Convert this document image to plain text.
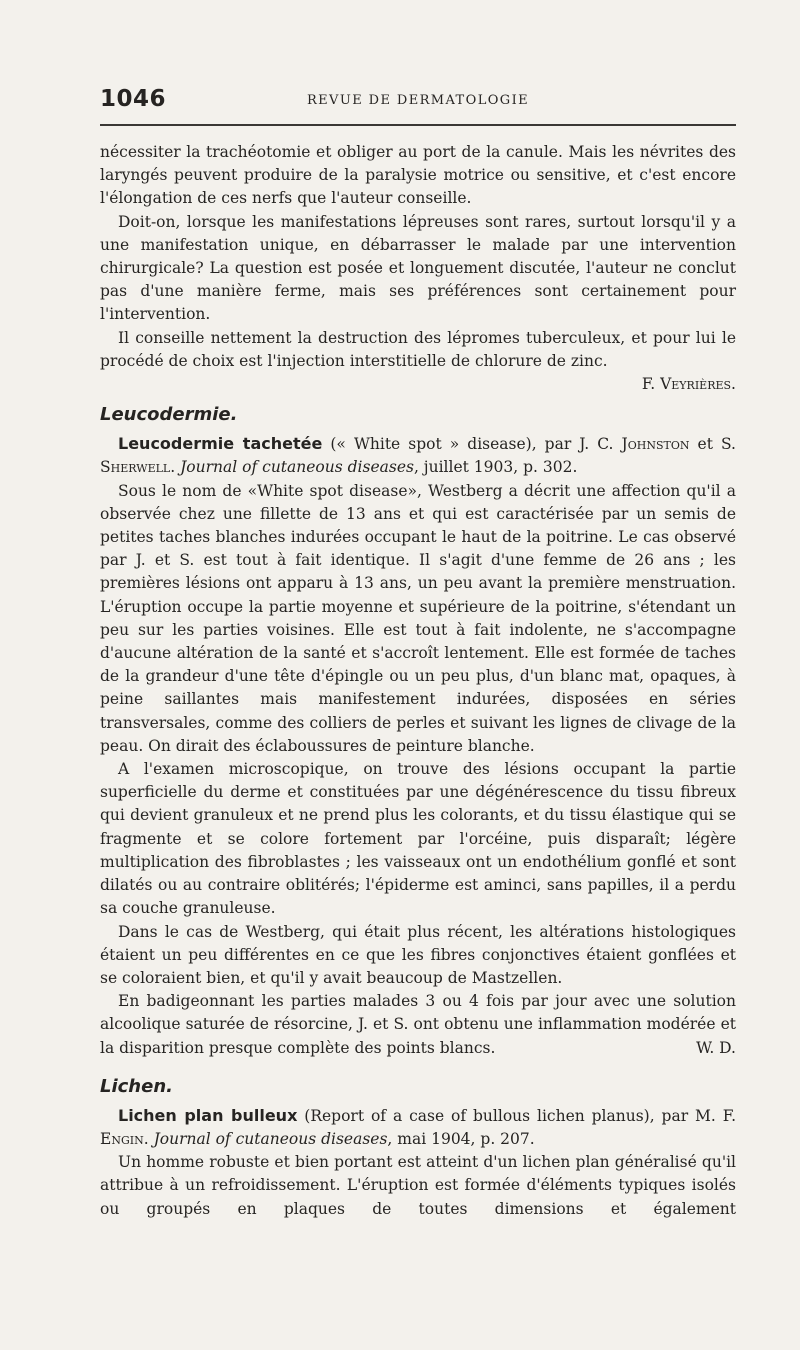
1046	REVUE DE DERMATOLOGIE

nécessiter la trachéotomie et obliger au port de la canule. Mais les névrites des laryngés peuvent produire de la paralysie motrice ou sensitive, et c'est encore l'élongation de ces nerfs que l'auteur conseille.

Doit-on, lorsque les manifestations lépreuses sont rares, surtout lorsqu'il y a une manifestation unique, en débarrasser le malade par une intervention chirurgicale? La question est posée et longuement discutée, l'auteur ne conclut pas d'une manière ferme, mais ses préférences sont certainement pour l'intervention.

Il conseille nettement la destruction des lépromes tuberculeux, et pour lui le procédé de choix est l'injection interstitielle de chlorure de zinc.

F. Veyrières.

Leucodermie.

Leucodermie tachetée (« White spot » disease), par J. C. Johnston et S. Sherwell. Journal of cutaneous diseases, juillet 1903, p. 302.

Sous le nom de «White spot disease», Westberg a décrit une affection qu'il a observée chez une fillette de 13 ans et qui est caractérisée par un semis de petites taches blanches indurées occupant le haut de la poitrine. Le cas observé par J. et S. est tout à fait identique. Il s'agit d'une femme de 26 ans ; les premières lésions ont apparu à 13 ans, un peu avant la première menstruation. L'éruption occupe la partie moyenne et supérieure de la poitrine, s'étendant un peu sur les parties voisines. Elle est tout à fait indolente, ne s'accompagne d'aucune altération de la santé et s'accroît lentement. Elle est formée de taches de la grandeur d'une tête d'épingle ou un peu plus, d'un blanc mat, opaques, à peine saillantes mais manifestement indurées, disposées en séries transversales, comme des colliers de perles et suivant les lignes de clivage de la peau. On dirait des éclaboussures de peinture blanche.

A l'examen microscopique, on trouve des lésions occupant la partie superficielle du derme et constituées par une dégénérescence du tissu fibreux qui devient granuleux et ne prend plus les colorants, et du tissu élastique qui se fragmente et se colore fortement par l'orcéine, puis disparaît; légère multiplication des fibroblastes ; les vaisseaux ont un endothélium gonflé et sont dilatés ou au contraire oblitérés; l'épiderme est aminci, sans papilles, il a perdu sa couche granuleuse.

Dans le cas de Westberg, qui était plus récent, les altérations histologiques étaient un peu différentes en ce que les fibres conjonctives étaient gonflées et se coloraient bien, et qu'il y avait beaucoup de Mastzellen.

En badigeonnant les parties malades 3 ou 4 fois par jour avec une solution alcoolique saturée de résorcine, J. et S. ont obtenu une inflammation modérée et la disparition presque complète des points blancs.	W. D.

Lichen.

Lichen plan bulleux (Report of a case of bullous lichen planus), par M. F. Engin. Journal of cutaneous diseases, mai 1904, p. 207.

Un homme robuste et bien portant est atteint d'un lichen plan généralisé qu'il attribue à un refroidissement. L'éruption est formée d'éléments typiques isolés ou groupés en plaques de toutes dimensions et également
